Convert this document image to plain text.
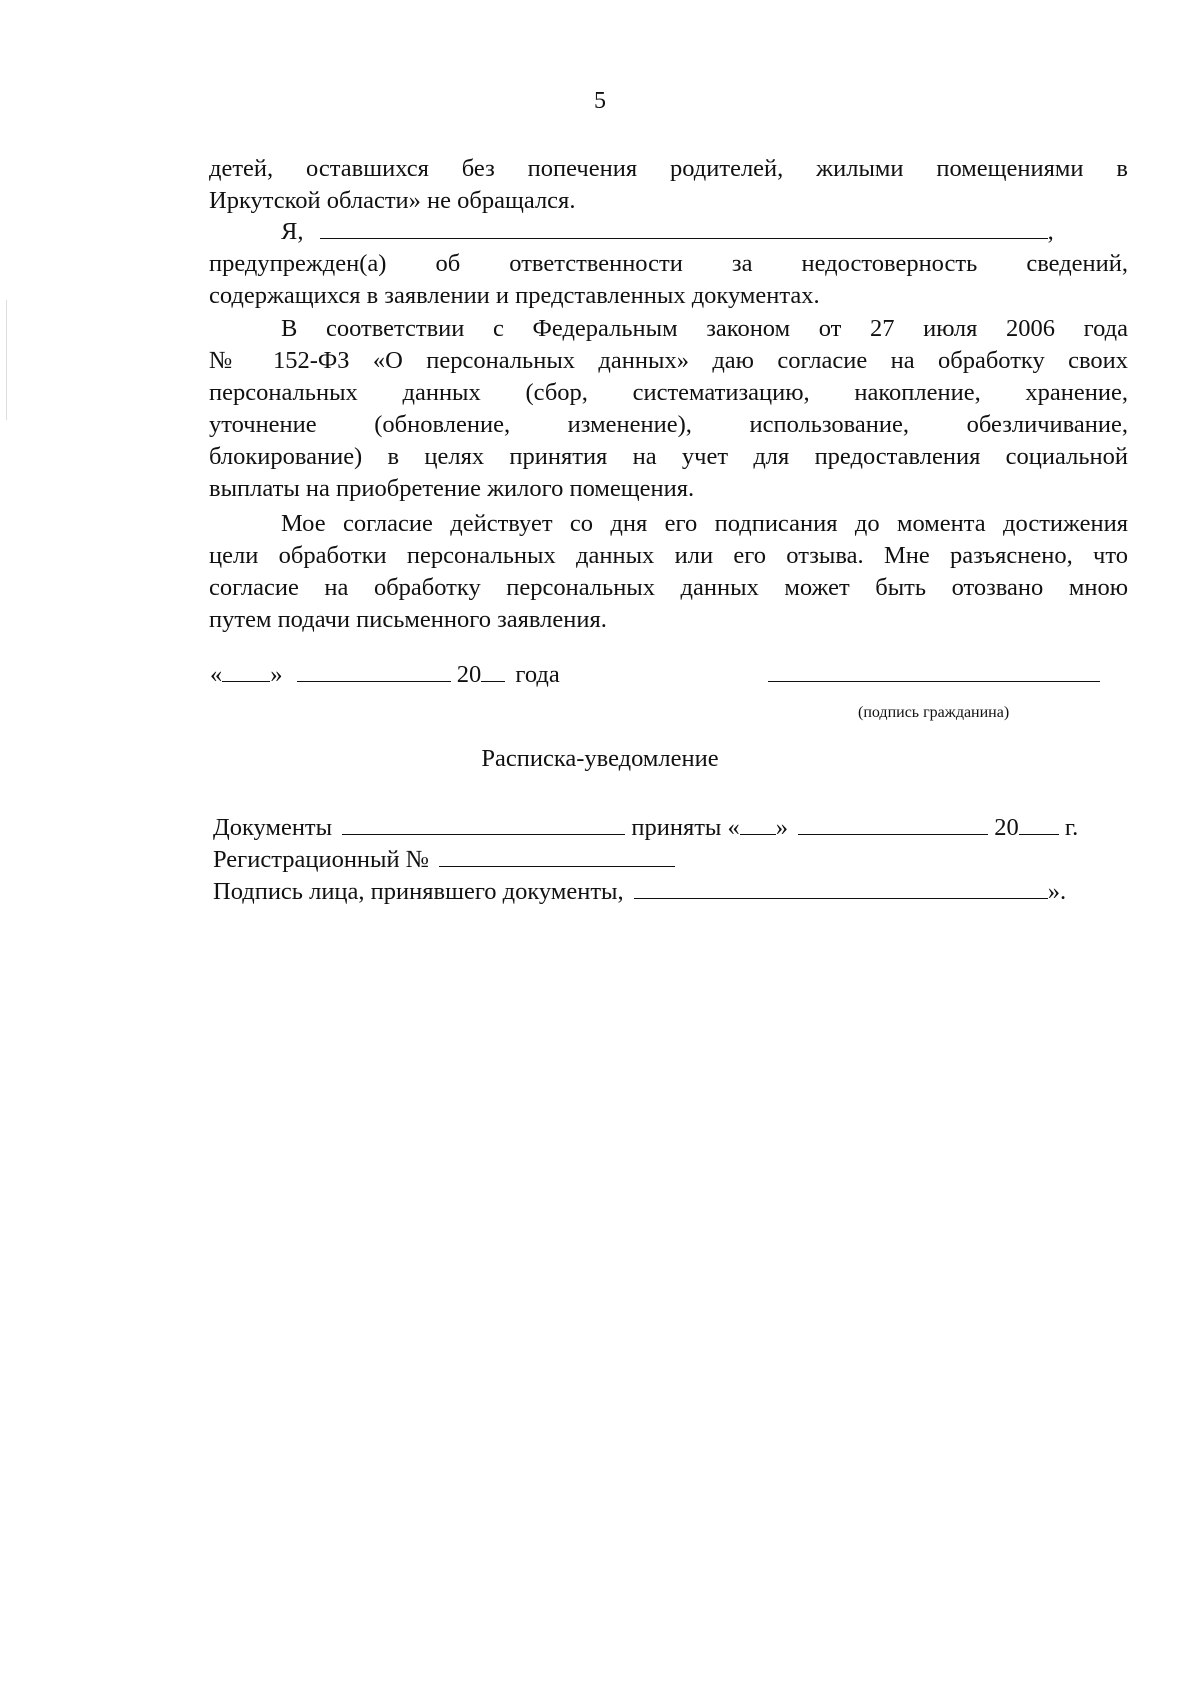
5
детей, оставшихся без попечения родителей, жилыми помещениями в
Иркутской области» не обращался.
Я,	,
предупрежден(а) об ответственности за недостоверность сведений,
содержащихся в заявлении и представленных документах.
В соответствии с Федеральным законом от 27 июля 2006 года
№ 152-ФЗ «О персональных данных» даю согласие на обработку своих
персональных данных (сбор, систематизацию, накопление, хранение,
уточнение (обновление, изменение), использование, обезличивание,
блокирование) в целях принятия на учет для предоставления социальной
выплаты на приобретение жилого помещения.
Мое согласие действует со дня его подписания до момента достижения
цели обработки персональных данных или его отзыва. Мне разъяснено, что
согласие на обработку персональных данных может быть отозвано мною
путем подачи письменного заявления.
« »	20 года
(подпись гражданина)
Расписка-уведомление
Документы	приняты « »	20 г.
Регистрационный №
Подпись лица, принявшего документы,	».
